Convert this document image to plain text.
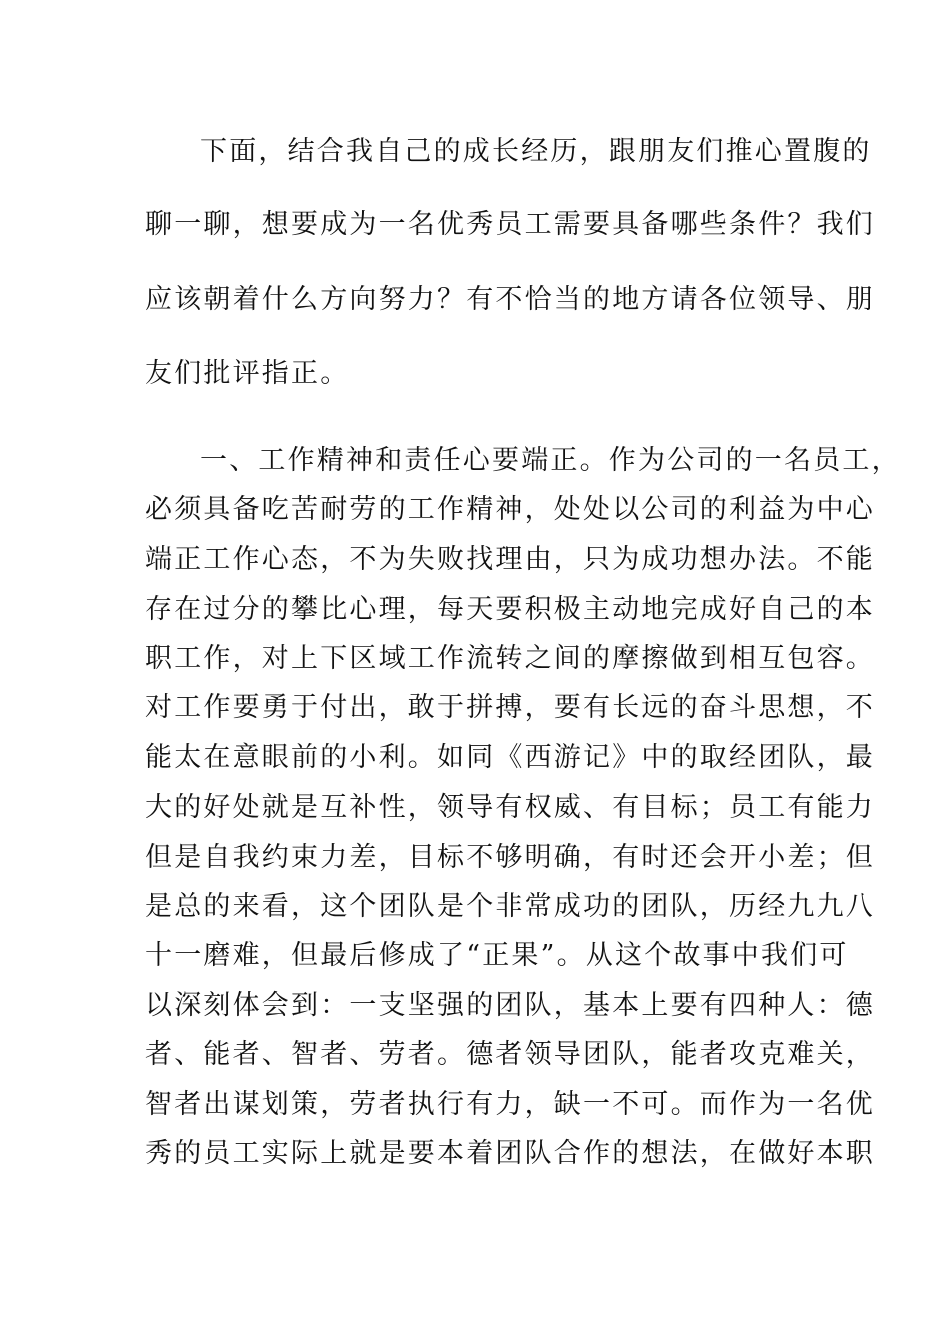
下面，结合我自己的成长经历，跟朋友们推心置腹的
聊一聊，想要成为一名优秀员工需要具备哪些条件？我们
应该朝着什么方向努力？有不恰当的地方请各位领导、朋
友们批评指正。
一、工作精神和责任心要端正。作为公司的一名员工，
必须具备吃苦耐劳的工作精神，处处以公司的利益为中心
端正工作心态，不为失败找理由，只为成功想办法。不能
存在过分的攀比心理，每天要积极主动地完成好自己的本
职工作，对上下区域工作流转之间的摩擦做到相互包容。
对工作要勇于付出，敢于拼搏，要有长远的奋斗思想，不
能太在意眼前的小利。如同《西游记》中的取经团队，最
大的好处就是互补性，领导有权威、有目标；员工有能力
但是自我约束力差，目标不够明确，有时还会开小差；但
是总的来看，这个团队是个非常成功的团队，历经九九八
十一磨难，但最后修成了“正果”。从这个故事中我们可
以深刻体会到：一支坚强的团队，基本上要有四种人：德
者、能者、智者、劳者。德者领导团队，能者攻克难关，
智者出谋划策，劳者执行有力，缺一不可。而作为一名优
秀的员工实际上就是要本着团队合作的想法，在做好本职
